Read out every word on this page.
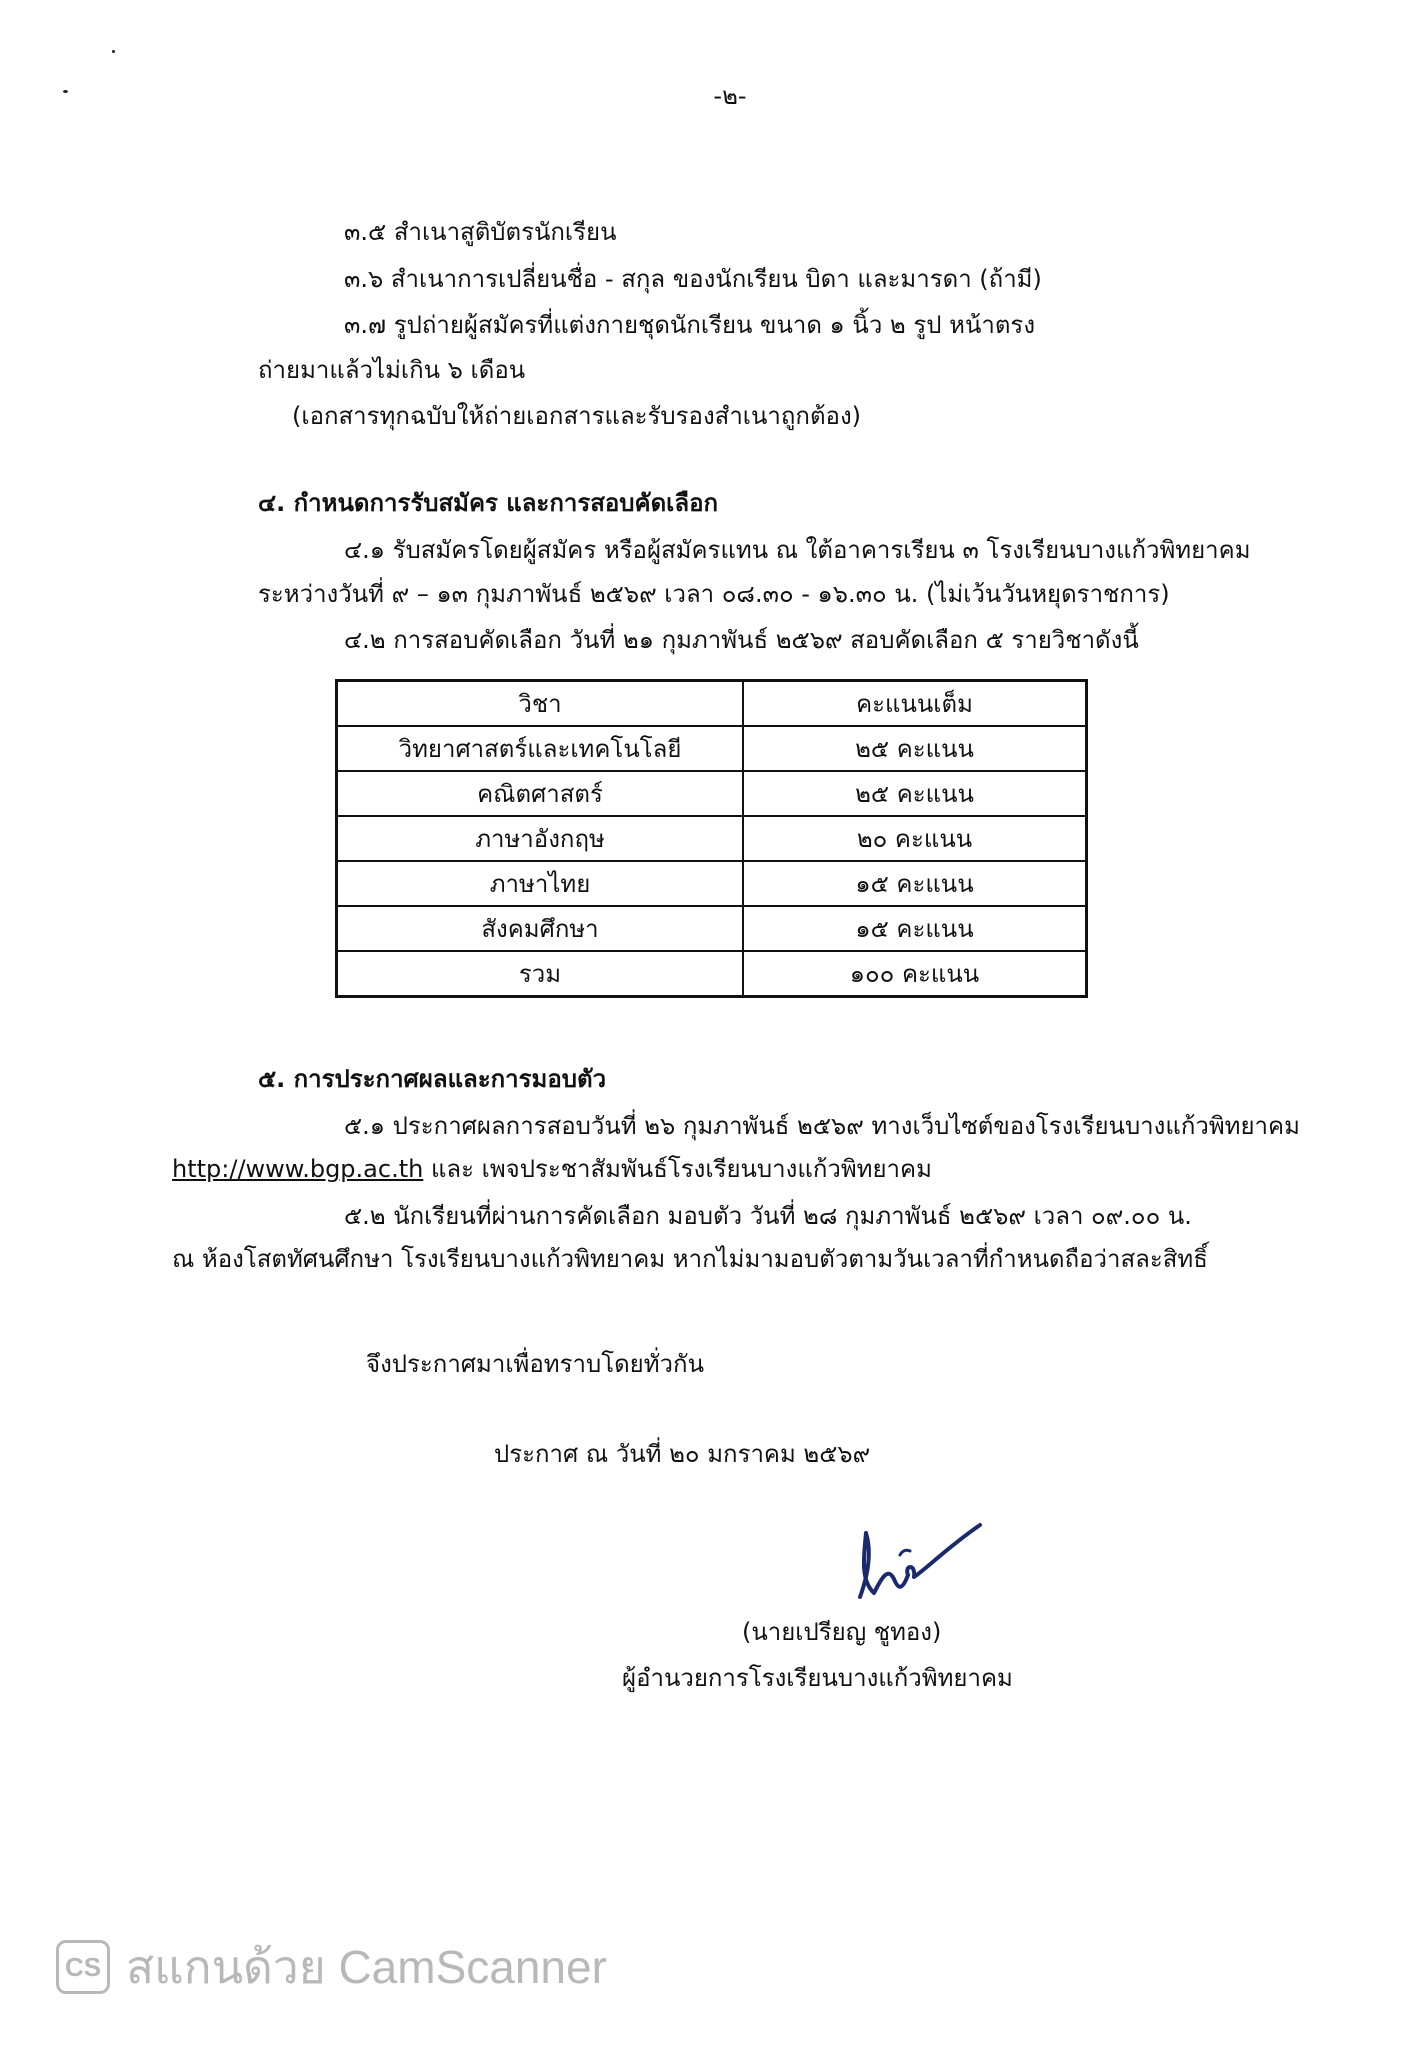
-๒-
๓.๕ สำเนาสูติบัตรนักเรียน
๓.๖ สำเนาการเปลี่ยนชื่อ - สกุล ของนักเรียน บิดา และมารดา (ถ้ามี)
๓.๗ รูปถ่ายผู้สมัครที่แต่งกายชุดนักเรียน ขนาด ๑ นิ้ว ๒ รูป หน้าตรง
ถ่ายมาแล้วไม่เกิน ๖ เดือน
(เอกสารทุกฉบับให้ถ่ายเอกสารและรับรองสำเนาถูกต้อง)
๔. กำหนดการรับสมัคร และการสอบคัดเลือก
๔.๑ รับสมัครโดยผู้สมัคร หรือผู้สมัครแทน ณ ใต้อาคารเรียน ๓ โรงเรียนบางแก้วพิทยาคม
ระหว่างวันที่ ๙ – ๑๓ กุมภาพันธ์ ๒๕๖๙ เวลา ๐๘.๓๐ - ๑๖.๓๐ น. (ไม่เว้นวันหยุดราชการ)
๔.๒ การสอบคัดเลือก วันที่ ๒๑ กุมภาพันธ์ ๒๕๖๙ สอบคัดเลือก ๕ รายวิชาดังนี้
วิชา	คะแนนเต็ม
วิทยาศาสตร์และเทคโนโลยี	๒๕ คะแนน
คณิตศาสตร์	๒๕ คะแนน
ภาษาอังกฤษ	๒๐ คะแนน
ภาษาไทย	๑๕ คะแนน
สังคมศึกษา	๑๕ คะแนน
รวม	๑๐๐ คะแนน
๕. การประกาศผลและการมอบตัว
๕.๑ ประกาศผลการสอบวันที่ ๒๖ กุมภาพันธ์ ๒๕๖๙ ทางเว็บไซต์ของโรงเรียนบางแก้วพิทยาคม
http://www.bgp.ac.th และ เพจประชาสัมพันธ์โรงเรียนบางแก้วพิทยาคม
๕.๒ นักเรียนที่ผ่านการคัดเลือก มอบตัว วันที่ ๒๘ กุมภาพันธ์ ๒๕๖๙ เวลา ๐๙.๐๐ น.
ณ ห้องโสตทัศนศึกษา โรงเรียนบางแก้วพิทยาคม หากไม่มามอบตัวตามวันเวลาที่กำหนดถือว่าสละสิทธิ์
จึงประกาศมาเพื่อทราบโดยทั่วกัน
ประกาศ ณ วันที่ ๒๐ มกราคม ๒๕๖๙
(นายเปรียญ ชูทอง)
ผู้อำนวยการโรงเรียนบางแก้วพิทยาคม
CS สแกนด้วย CamScanner
